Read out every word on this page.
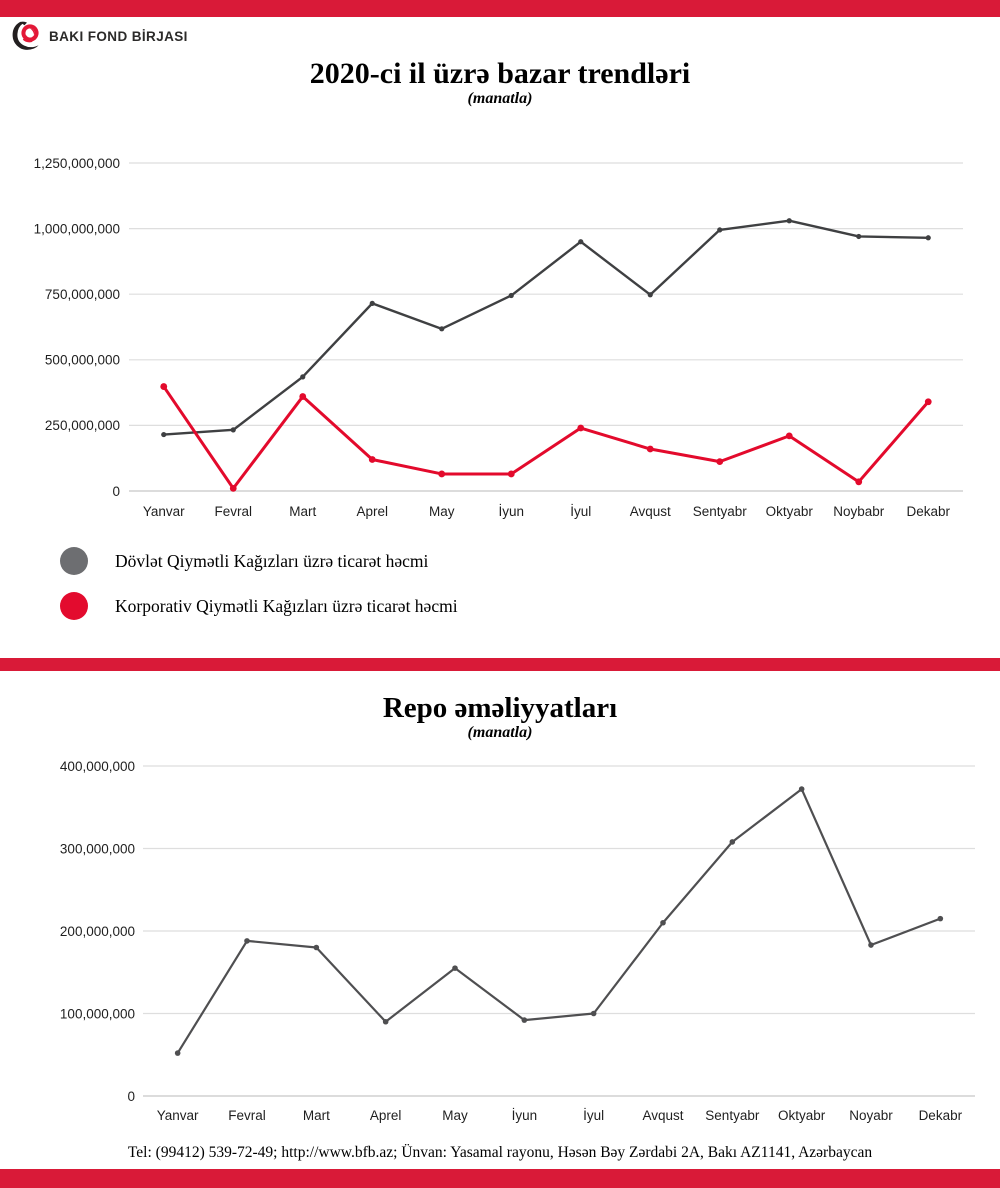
BAKI FOND BİRJASI
2020-ci il üzrə bazar trendləri
(manatla)
0
250,000,000
500,000,000
750,000,000
1,000,000,000
1,250,000,000
Yanvar Fevral	Mart	Aprel	May	İyun	İyul	Avqust Sentyabr Oktyabr Noybabr Dekabr
Dövlət Qiymətli Kağızları üzrə ticarət həcmi
Korporativ Qiymətli Kağızları üzrə ticarət həcmi
Repo əməliyyatları
(manatla)
0
100,000,000
200,000,000
300,000,000
400,000,000
Yanvar Fevral	Mart	Aprel	May	İyun	İyul	Avqust Sentyabr Oktyabr Noyabr Dekabr
Tel: (99412) 539-72-49; http://www.bfb.az; Ünvan: Yasamal rayonu, Həsən Bəy Zərdabi 2A, Bakı AZ1141, Azərbaycan
